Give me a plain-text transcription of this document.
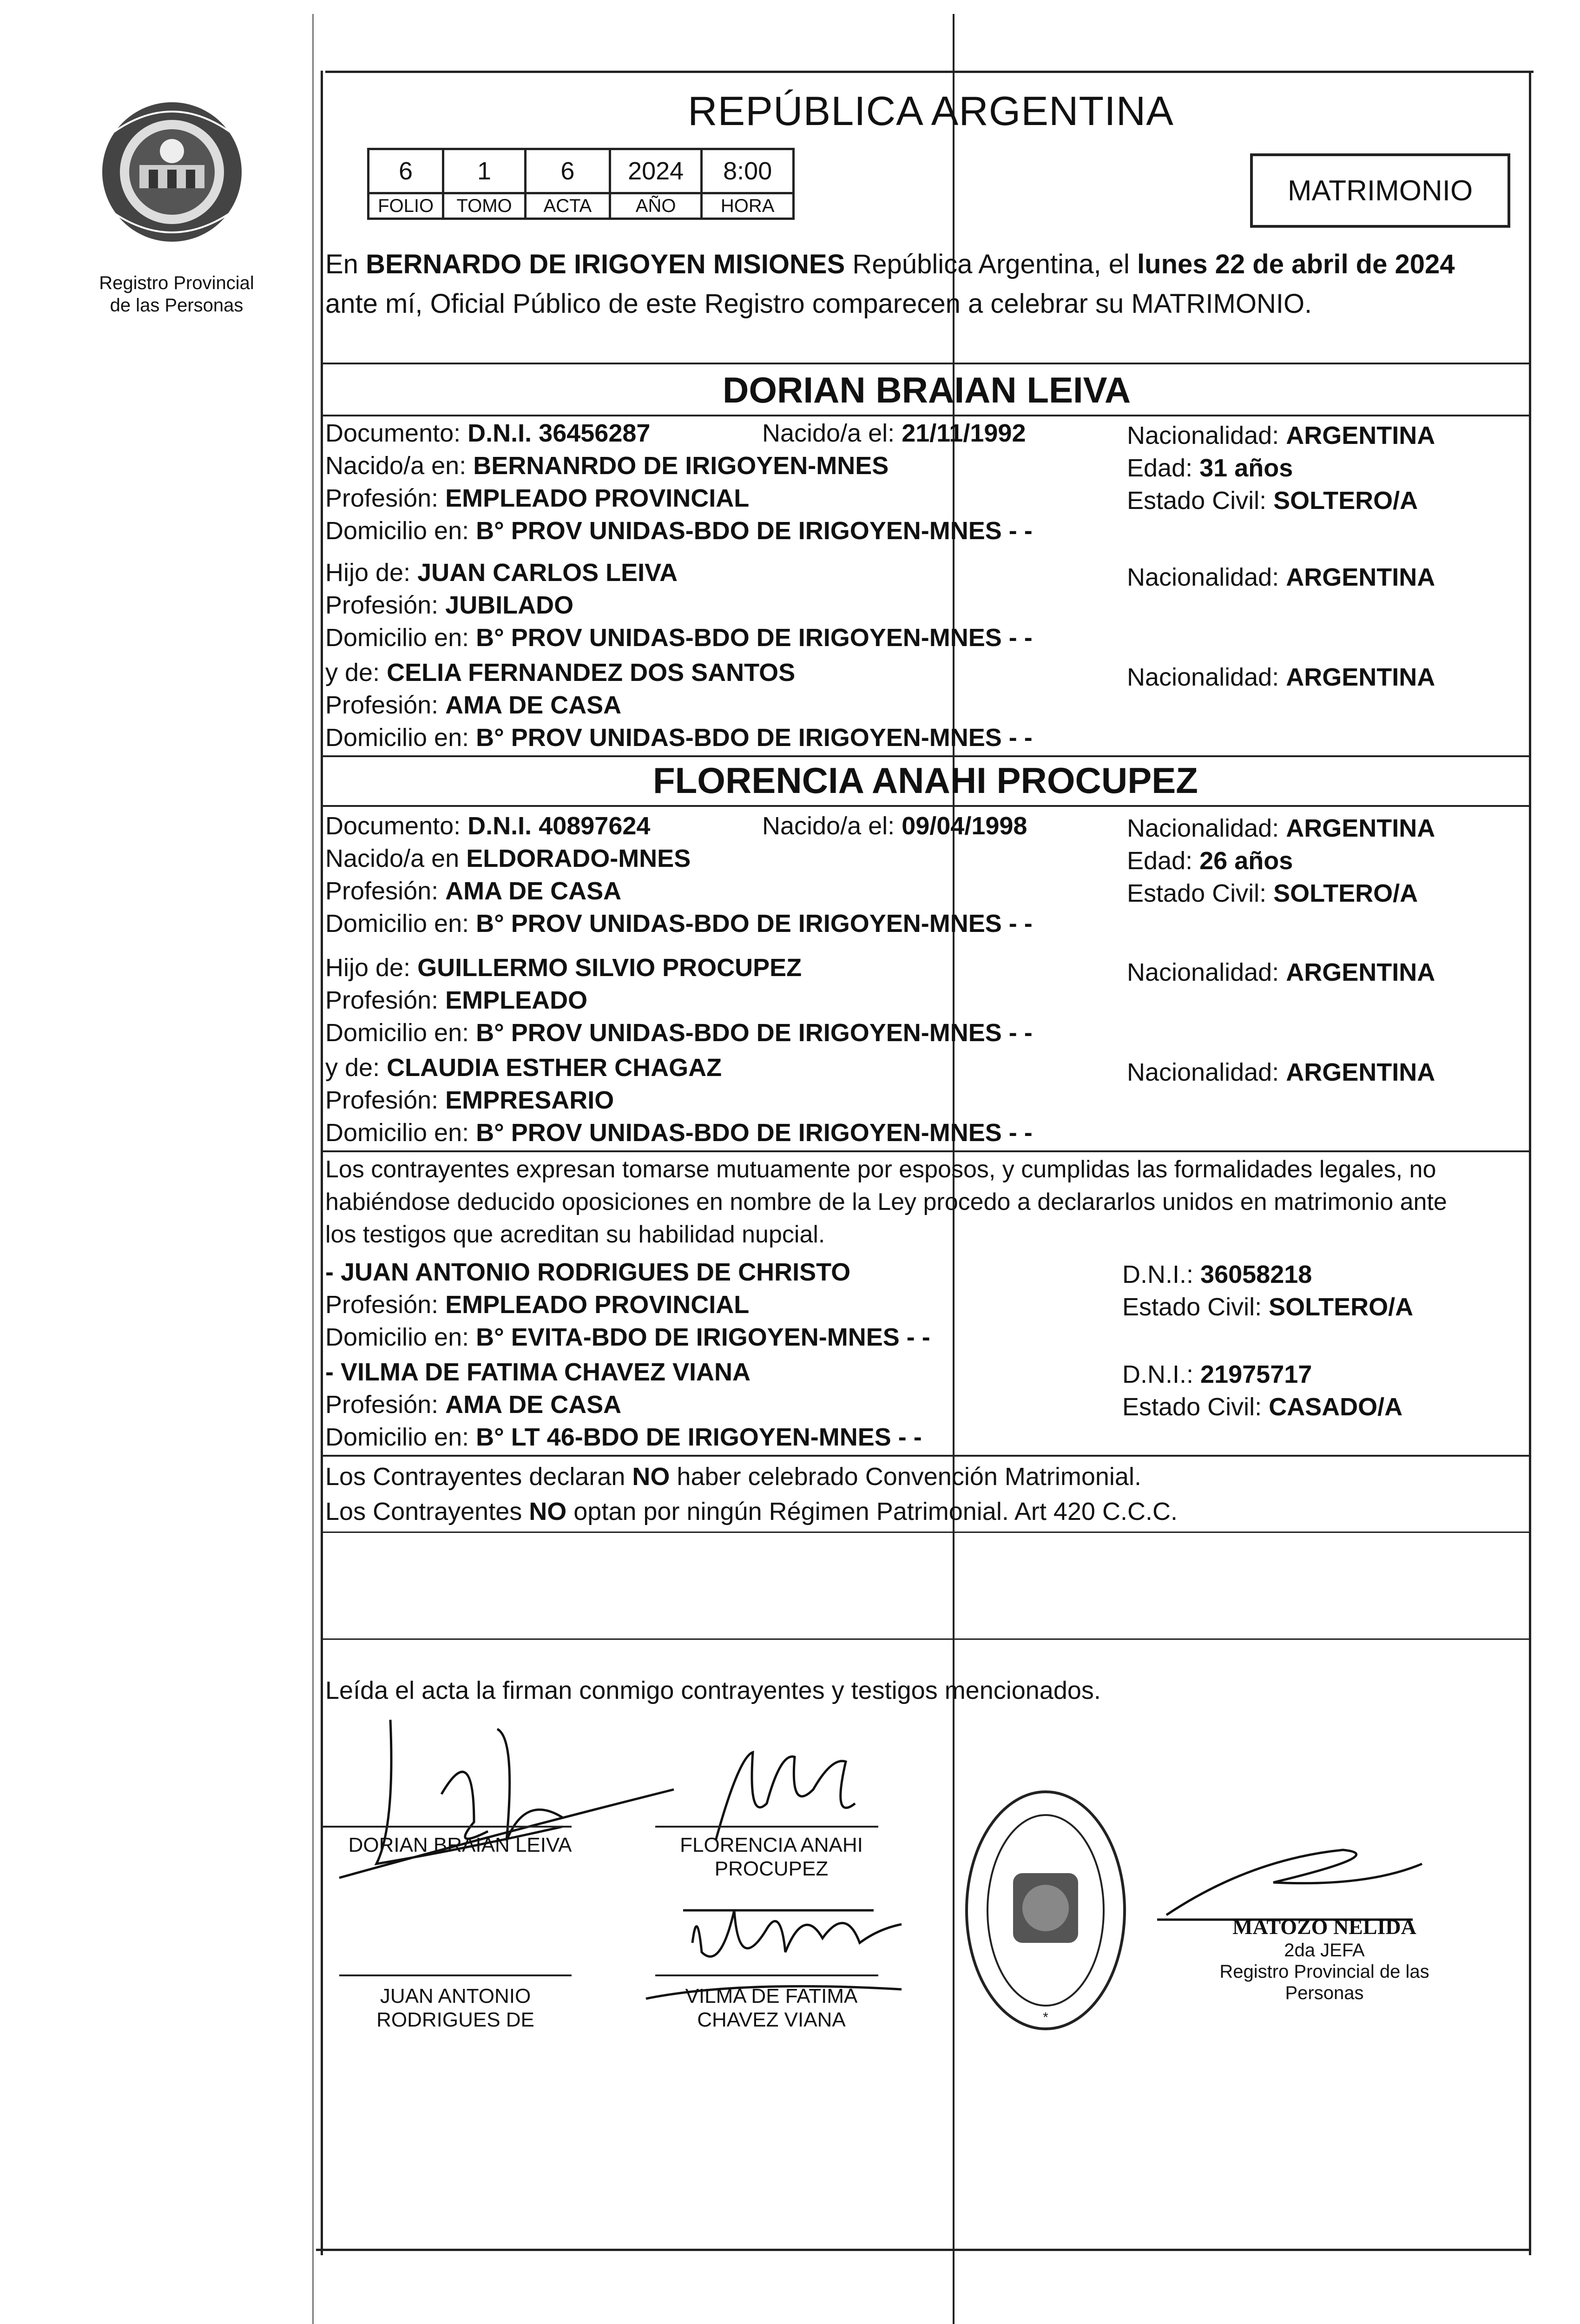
Registro Provincial
de las Personas
REPÚBLICA ARGENTINA
6	1	6	2024	8:00
FOLIO	TOMO	ACTA	AÑO	HORA	MATRIMONIO
En BERNARDO DE IRIGOYEN MISIONES República Argentina, el lunes 22 de abril de 2024
ante mí, Oficial Público de este Registro comparecen a celebrar su MATRIMONIO.
DORIAN BRAIAN LEIVA
Documento: D.N.I. 36456287	Nacido/a el: 21/11/1992	Nacionalidad: ARGENTINA
Nacido/a en: BERNANRDO DE IRIGOYEN-MNES	Edad: 31 años
Profesión: EMPLEADO PROVINCIAL	Estado Civil: SOLTERO/A
Domicilio en: B° PROV UNIDAS-BDO DE IRIGOYEN-MNES - -
Hijo de: JUAN CARLOS LEIVA	Nacionalidad: ARGENTINA
Profesión: JUBILADO
Domicilio en: B° PROV UNIDAS-BDO DE IRIGOYEN-MNES - -
y de: CELIA FERNANDEZ DOS SANTOS	Nacionalidad: ARGENTINA
Profesión: AMA DE CASA
Domicilio en: B° PROV UNIDAS-BDO DE IRIGOYEN-MNES - -
FLORENCIA ANAHI PROCUPEZ
Documento: D.N.I. 40897624	Nacido/a el: 09/04/1998	Nacionalidad: ARGENTINA
Nacido/a en ELDORADO-MNES	Edad: 26 años
Profesión: AMA DE CASA	Estado Civil: SOLTERO/A
Domicilio en: B° PROV UNIDAS-BDO DE IRIGOYEN-MNES - -
Hijo de: GUILLERMO SILVIO PROCUPEZ	Nacionalidad: ARGENTINA
Profesión: EMPLEADO
Domicilio en: B° PROV UNIDAS-BDO DE IRIGOYEN-MNES - -
y de: CLAUDIA ESTHER CHAGAZ	Nacionalidad: ARGENTINA
Profesión: EMPRESARIO
Domicilio en: B° PROV UNIDAS-BDO DE IRIGOYEN-MNES - -
Los contrayentes expresan tomarse mutuamente por esposos, y cumplidas las formalidades legales, no
habiéndose deducido oposiciones en nombre de la Ley procedo a declararlos unidos en matrimonio ante
los testigos que acreditan su habilidad nupcial.
- JUAN ANTONIO RODRIGUES DE CHRISTO	D.N.I.: 36058218
Profesión: EMPLEADO PROVINCIAL	Estado Civil: SOLTERO/A
Domicilio en: B° EVITA-BDO DE IRIGOYEN-MNES - -
- VILMA DE FATIMA CHAVEZ VIANA	D.N.I.: 21975717
Profesión: AMA DE CASA	Estado Civil: CASADO/A
Domicilio en: B° LT 46-BDO DE IRIGOYEN-MNES - -
Los Contrayentes declaran NO haber celebrado Convención Matrimonial.
Los Contrayentes NO optan por ningún Régimen Patrimonial. Art 420 C.C.C.
Leída el acta la firman conmigo contrayentes y testigos mencionados.
DORIAN BRAIAN LEIVA	FLORENCIA ANAHI
PROCUPEZ
JUAN ANTONIO
RODRIGUES DE
VILMA DE FATIMA
CHAVEZ VIANA	*
MATOZO NELIDA
2da JEFA
Registro Provincial de las Personas
